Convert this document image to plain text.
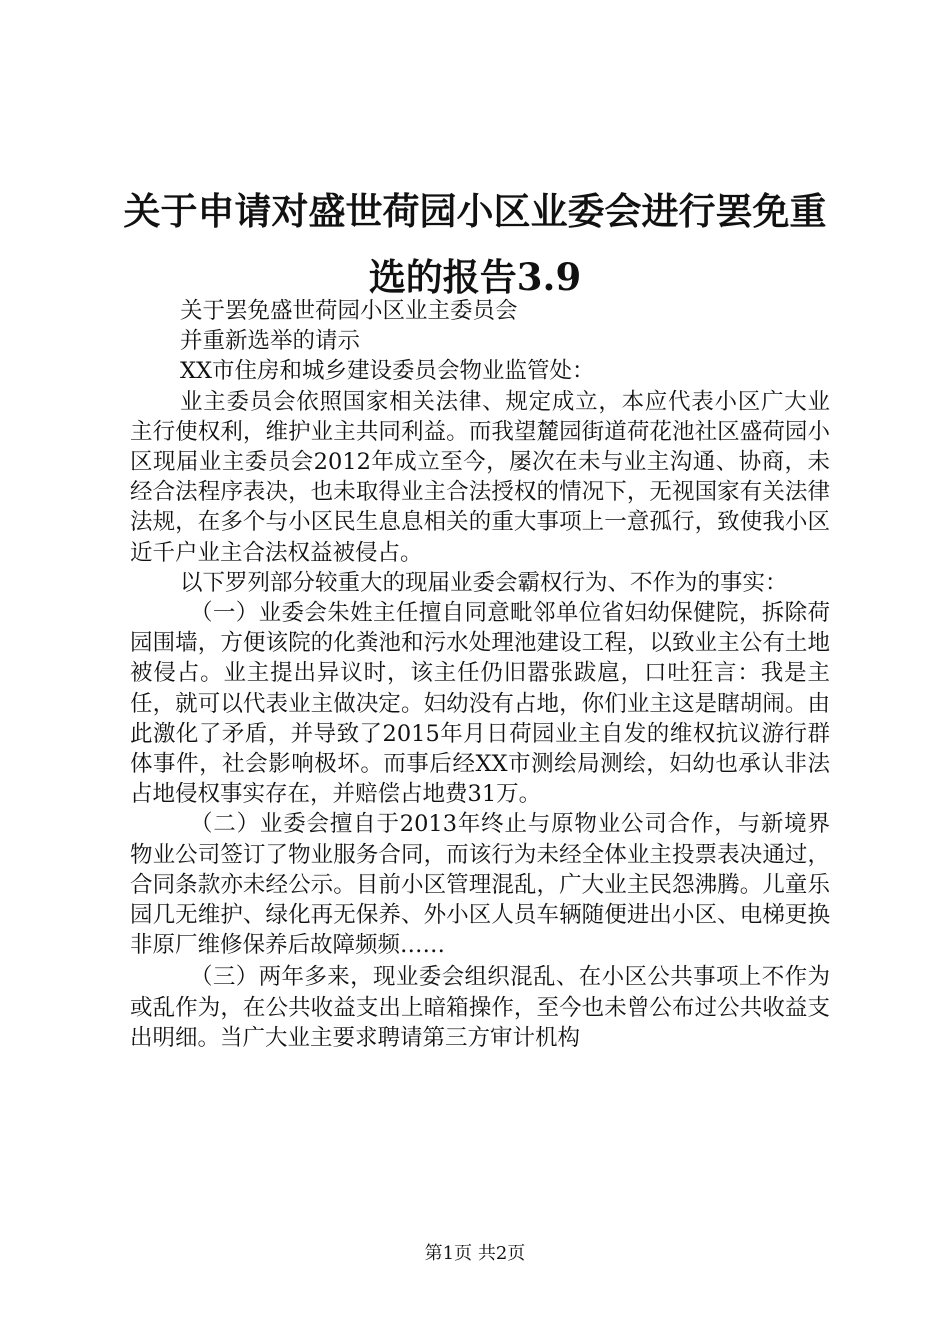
关于申请对盛世荷园小区业委会进行罢免重选的报告3.9

关于罢免盛世荷园小区业主委员会

并重新选举的请示

XX市住房和城乡建设委员会物业监管处：

业主委员会依照国家相关法律、规定成立，本应代表小区广大业主行使权利，维护业主共同利益。而我望麓园街道荷花池社区盛荷园小区现届业主委员会2012年成立至今，屡次在未与业主沟通、协商，未经合法程序表决，也未取得业主合法授权的情况下，无视国家有关法律法规，在多个与小区民生息息相关的重大事项上一意孤行，致使我小区近千户业主合法权益被侵占。

以下罗列部分较重大的现届业委会霸权行为、不作为的事实：

（一）业委会朱姓主任擅自同意毗邻单位省妇幼保健院，拆除荷园围墙，方便该院的化粪池和污水处理池建设工程，以致业主公有土地被侵占。业主提出异议时，该主任仍旧嚣张跋扈，口吐狂言：我是主任，就可以代表业主做决定。妇幼没有占地，你们业主这是瞎胡闹。由此激化了矛盾，并导致了2015年月日荷园业主自发的维权抗议游行群体事件，社会影响极坏。而事后经XX市测绘局测绘，妇幼也承认非法占地侵权事实存在，并赔偿占地费31万。

（二）业委会擅自于2013年终止与原物业公司合作，与新境界物业公司签订了物业服务合同，而该行为未经全体业主投票表决通过，合同条款亦未经公示。目前小区管理混乱，广大业主民怨沸腾。儿童乐园几无维护、绿化再无保养、外小区人员车辆随便进出小区、电梯更换非原厂维修保养后故障频频……

（三）两年多来，现业委会组织混乱、在小区公共事项上不作为或乱作为，在公共收益支出上暗箱操作，至今也未曾公布过公共收益支出明细。当广大业主要求聘请第三方审计机构

第1页 共2页
